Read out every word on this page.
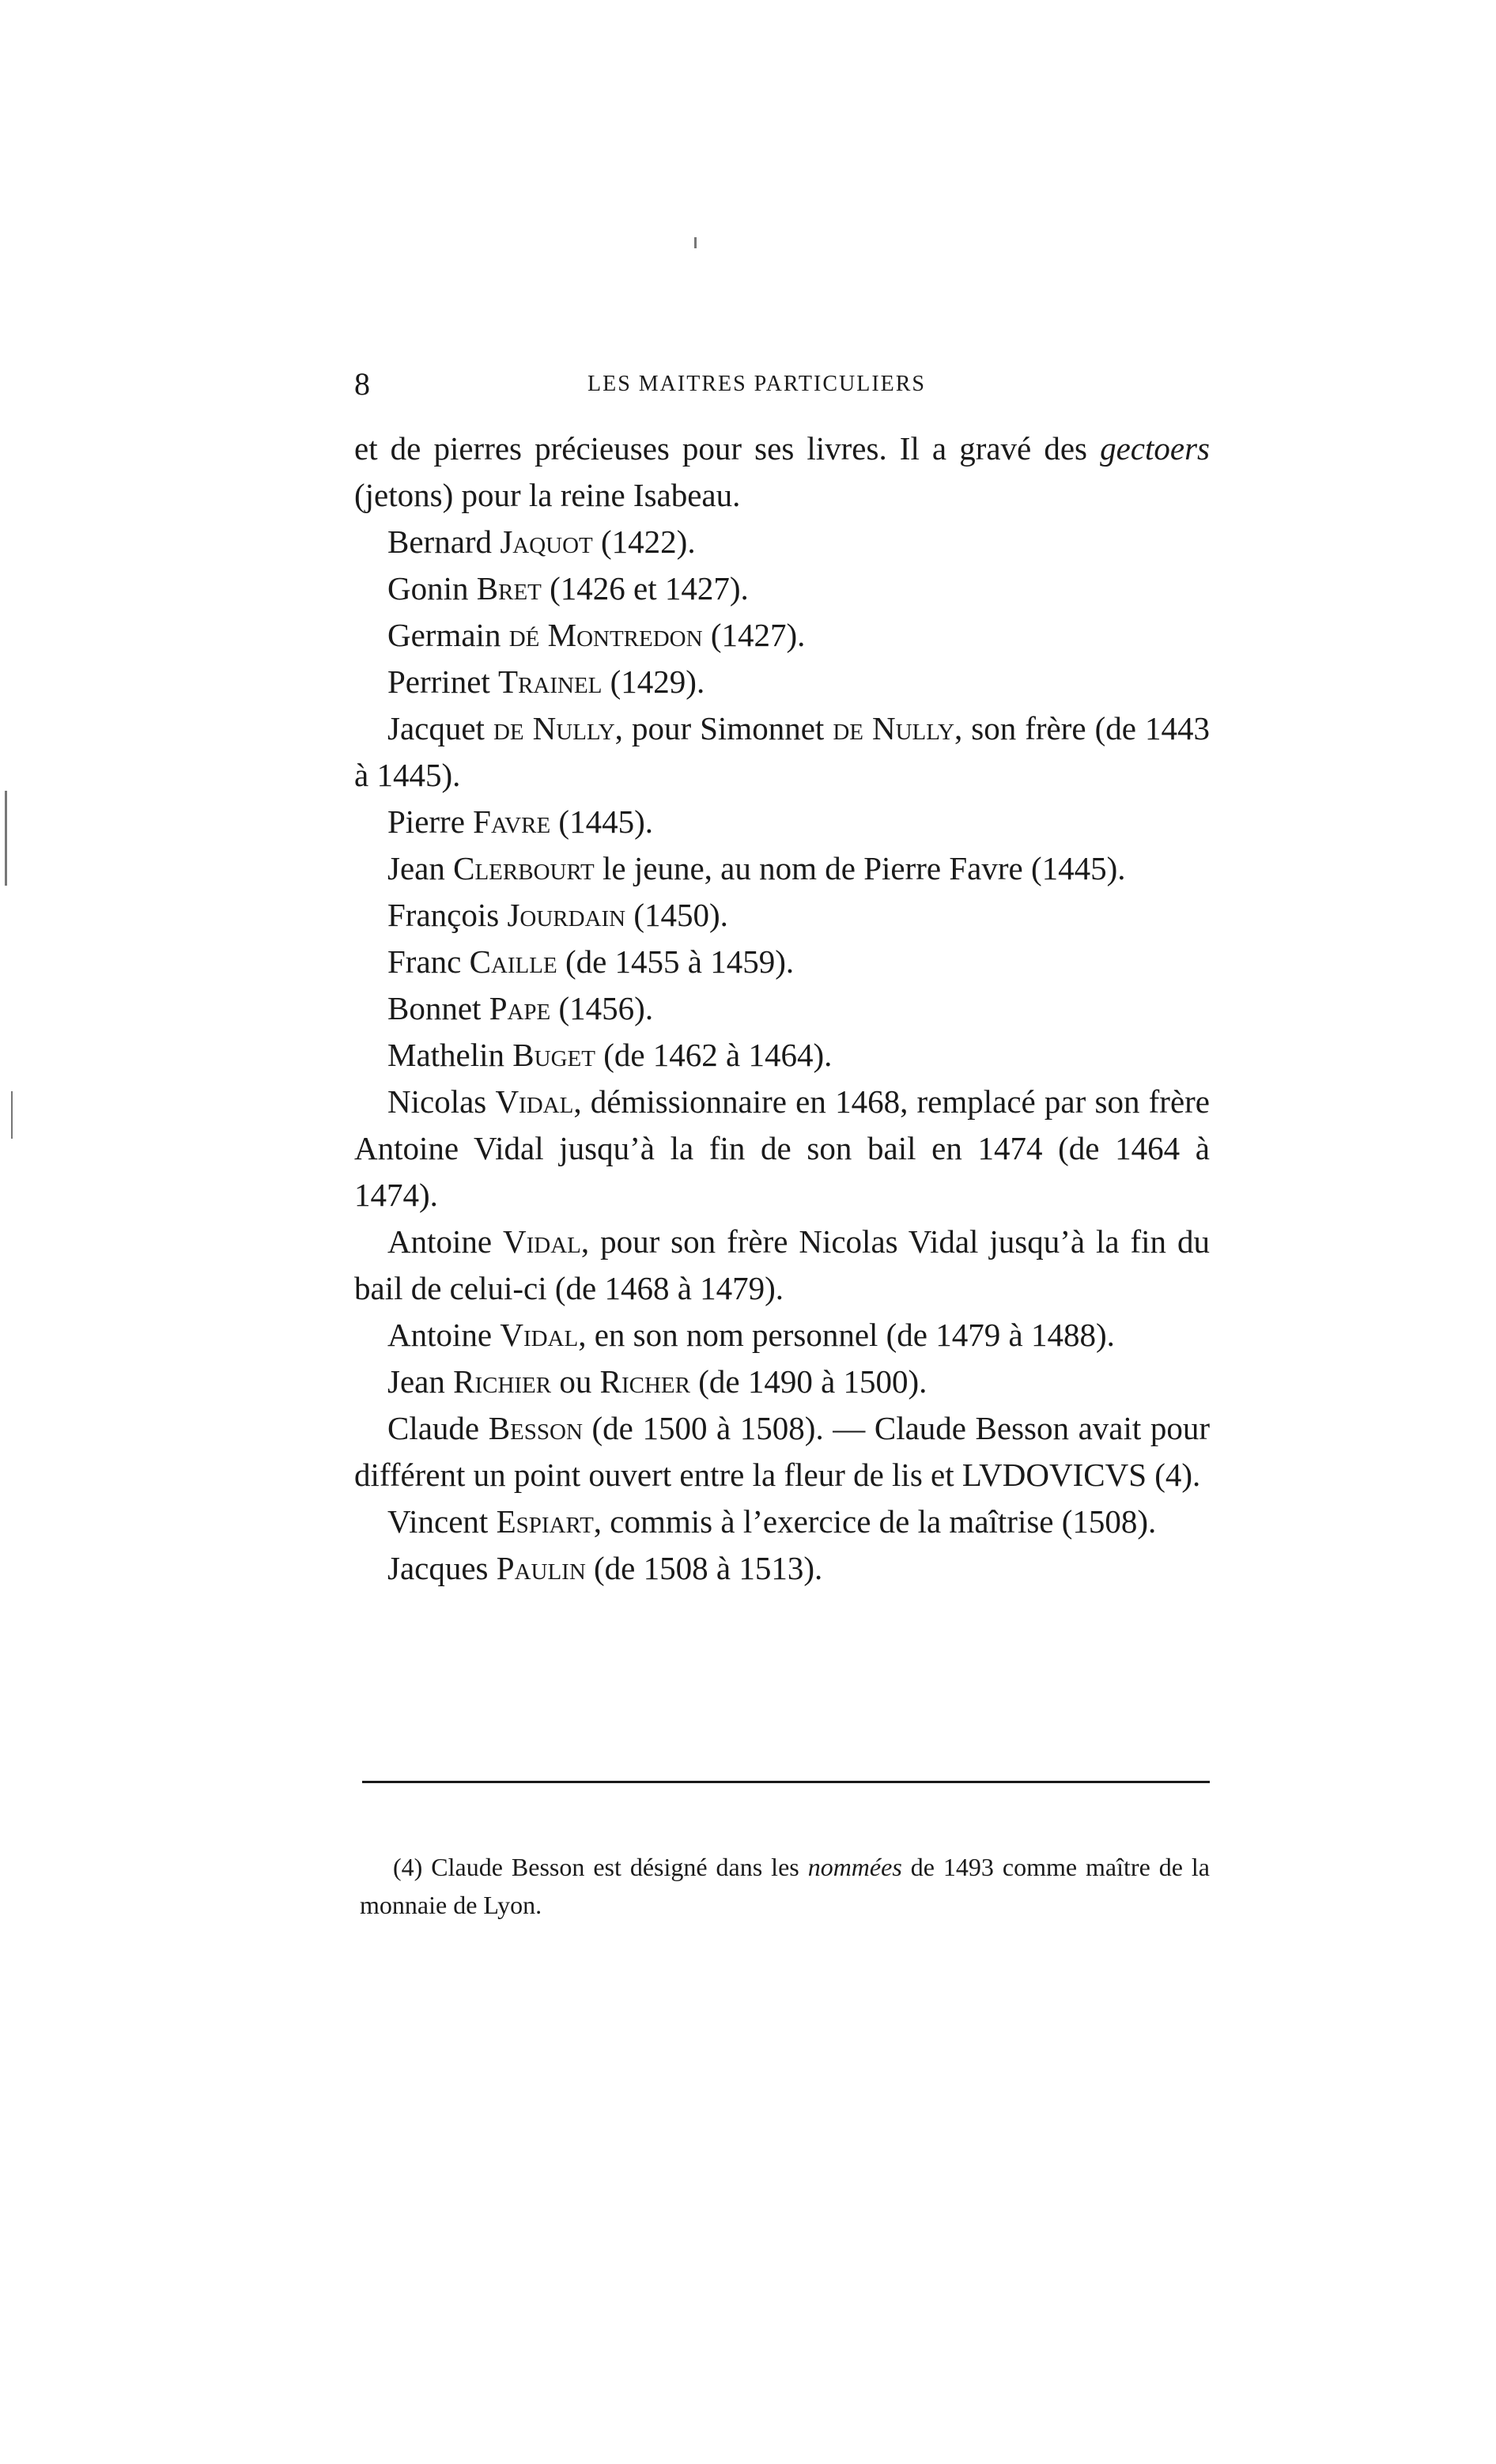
8	LES MAITRES PARTICULIERS

et de pierres précieuses pour ses livres. Il a gravé des gectoers (jetons) pour la reine Isabeau.

Bernard Jaquot (1422).

Gonin Bret (1426 et 1427).

Germain dé Montredon (1427).

Perrinet Trainel (1429).

Jacquet de Nully, pour Simonnet de Nully, son frère (de 1443 à 1445).

Pierre Favre (1445).

Jean Clerbourt le jeune, au nom de Pierre Favre (1445).

François Jourdain (1450).

Franc Caille (de 1455 à 1459).

Bonnet Pape (1456).

Mathelin Buget (de 1462 à 1464).

Nicolas Vidal, démissionnaire en 1468, remplacé par son frère Antoine Vidal jusqu’à la fin de son bail en 1474 (de 1464 à 1474).

Antoine Vidal, pour son frère Nicolas Vidal jusqu’à la fin du bail de celui-ci (de 1468 à 1479).

Antoine Vidal, en son nom personnel (de 1479 à 1488).

Jean Richier ou Richer (de 1490 à 1500).

Claude Besson (de 1500 à 1508). — Claude Besson avait pour différent un point ouvert entre la fleur de lis et LVDOVICVS (4).

Vincent Espiart, commis à l’exercice de la maîtrise (1508).

Jacques Paulin (de 1508 à 1513).

(4) Claude Besson est désigné dans les nommées de 1493 comme maître de la monnaie de Lyon.
